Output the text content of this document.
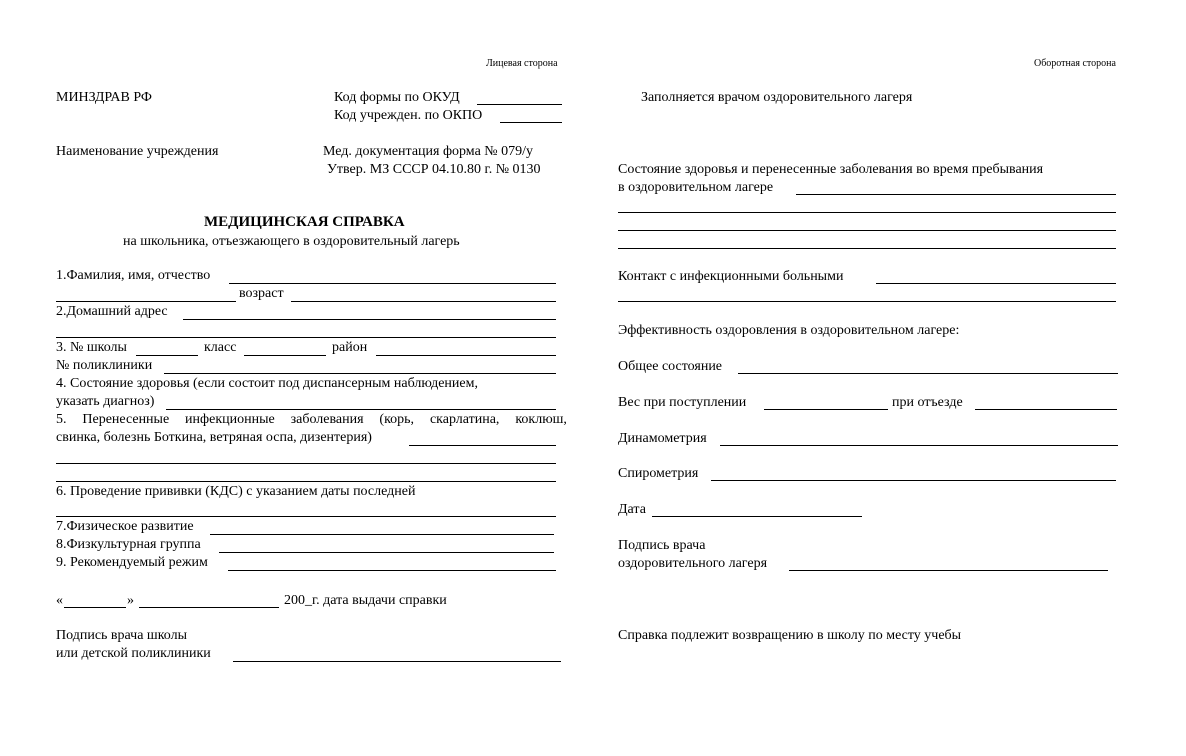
Лицевая сторона
МИНЗДРАВ РФ	Код формы по ОКУД
Код учрежден. по ОКПО
Наименование учреждения	Мед. документация форма № 079/у
Утвер. МЗ СССР 04.10.80 г. № 0130
МЕДИЦИНСКАЯ СПРАВКА
на школьника, отъезжающего в оздоровительный лагерь
1.Фамилия, имя, отчество
возраст
2.Домашний адрес
3. № школы	класс	район
№ поликлиники
4. Состояние здоровья (если состоит под диспансерным наблюдением,
указать диагноз)
5. Перенесенные инфекционные заболевания (корь, скарлатина, коклюш,
свинка, болезнь Боткина, ветряная оспа, дизентерия)
6. Проведение прививки (КДС) с указанием даты последней
7.Физическое развитие
8.Физкультурная группа
9. Рекомендуемый режим
«	»	200_г. дата выдачи справки
Подпись врача школы
или детской поликлиники
Оборотная сторона
Заполняется врачом оздоровительного лагеря
Состояние здоровья и перенесенные заболевания во время пребывания
в оздоровительном лагере
Контакт с инфекционными больными
Эффективность оздоровления в оздоровительном лагере:
Общее состояние
Вес при поступлении	при отъезде
Динамометрия
Спирометрия
Дата
Подпись врача
оздоровительного лагеря
Справка подлежит возвращению в школу по месту учебы
